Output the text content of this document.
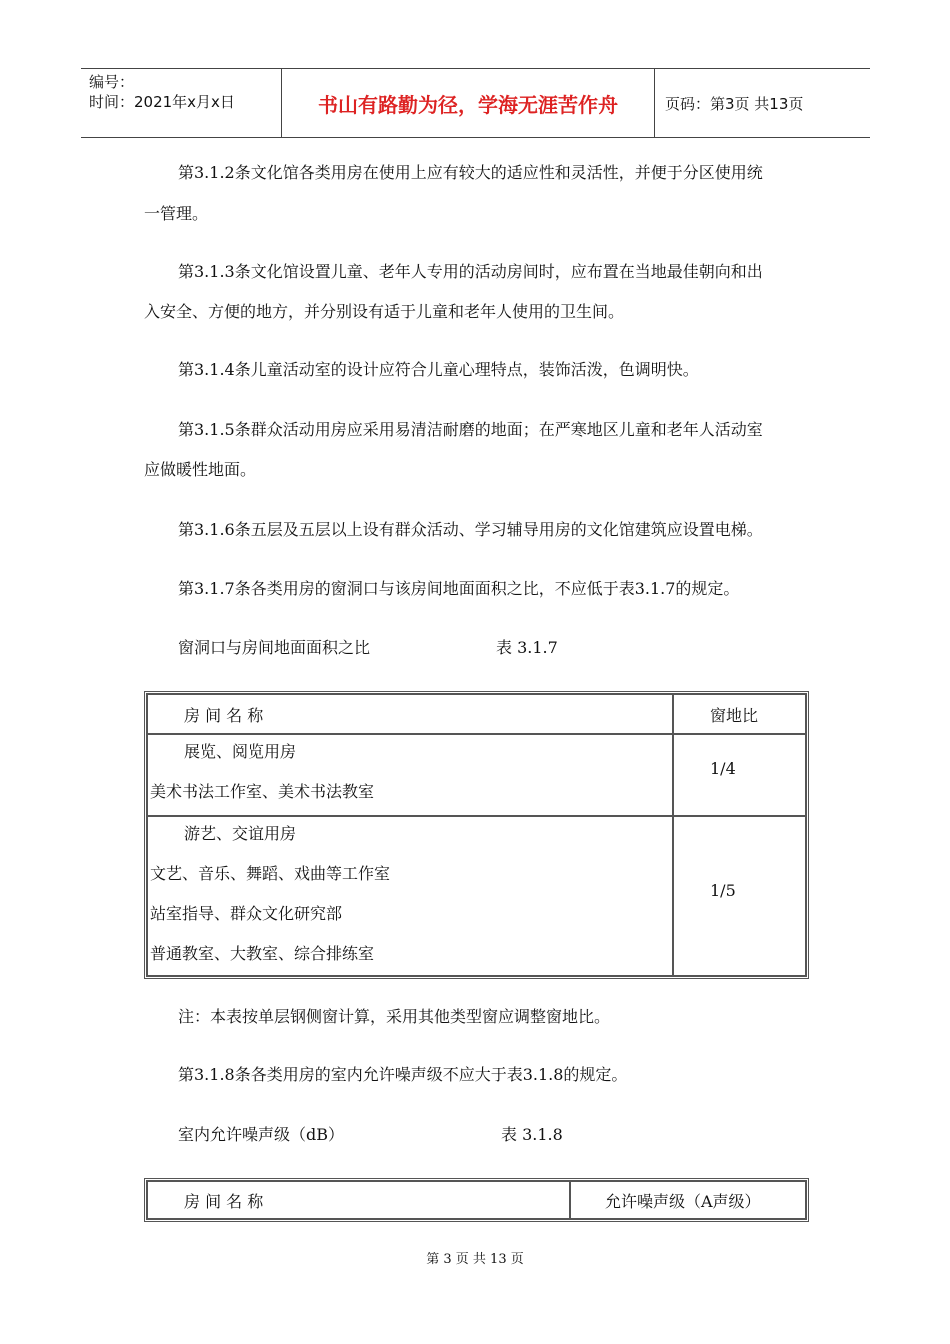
编号：
时间：2021年x月x日	书山有路勤为径，学海无涯苦作舟	页码：第3页 共13页

第3.1.2条文化馆各类用房在使用上应有较大的适应性和灵活性，并便于分区使用统

一管理。

第3.1.3条文化馆设置儿童、老年人专用的活动房间时，应布置在当地最佳朝向和出

入安全、方便的地方，并分别设有适于儿童和老年人使用的卫生间。

第3.1.4条儿童活动室的设计应符合儿童心理特点，装饰活泼，色调明快。

第3.1.5条群众活动用房应采用易清洁耐磨的地面；在严寒地区儿童和老年人活动室

应做暖性地面。

第3.1.6条五层及五层以上设有群众活动、学习辅导用房的文化馆建筑应设置电梯。

第3.1.7条各类用房的窗洞口与该房间地面面积之比，不应低于表3.1.7的规定。

窗洞口与房间地面面积之比	表 3.1.7

房 间 名 称	窗地比

展览、阅览用房
美术书法工作室、美术书法教室	1/4

游艺、交谊用房
文艺、音乐、舞蹈、戏曲等工作室
站室指导、群众文化研究部
普通教室、大教室、综合排练室	1/5

注：本表按单层钢侧窗计算，采用其他类型窗应调整窗地比。

第3.1.8条各类用房的室内允许噪声级不应大于表3.1.8的规定。

室内允许噪声级（dB）	表 3.1.8

房 间 名 称	允许噪声级（A声级）
第 3 页 共 13 页
